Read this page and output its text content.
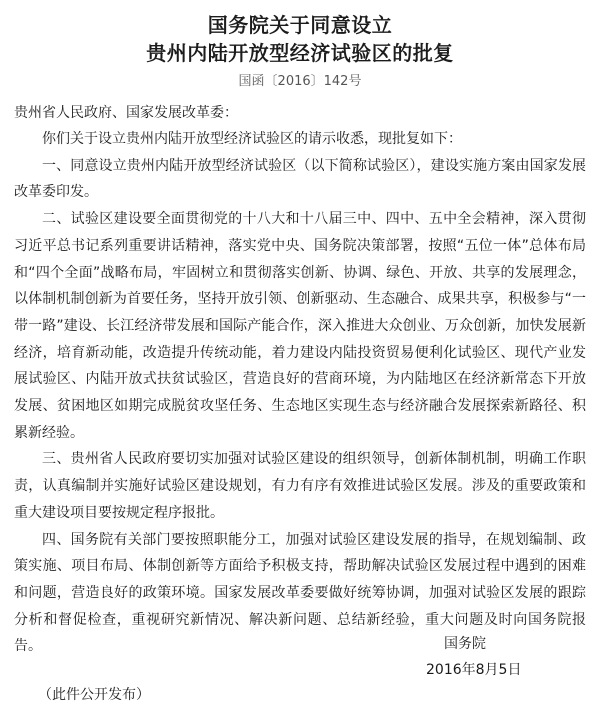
国务院关于同意设立
贵州内陆开放型经济试验区的批复
国函〔2016〕142号
贵州省人民政府、国家发展改革委：

你们关于设立贵州内陆开放型经济试验区的请示收悉，现批复如下：

一、同意设立贵州内陆开放型经济试验区（以下简称试验区），建设实施方案由国家发展改革委印发。

二、试验区建设要全面贯彻党的十八大和十八届三中、四中、五中全会精神，深入贯彻习近平总书记系列重要讲话精神，落实党中央、国务院决策部署，按照“五位一体”总体布局和“四个全面”战略布局，牢固树立和贯彻落实创新、协调、绿色、开放、共享的发展理念，以体制机制创新为首要任务，坚持开放引领、创新驱动、生态融合、成果共享，积极参与“一带一路”建设、长江经济带发展和国际产能合作，深入推进大众创业、万众创新，加快发展新经济，培育新动能，改造提升传统动能，着力建设内陆投资贸易便利化试验区、现代产业发展试验区、内陆开放式扶贫试验区，营造良好的营商环境，为内陆地区在经济新常态下开放发展、贫困地区如期完成脱贫攻坚任务、生态地区实现生态与经济融合发展探索新路径、积累新经验。

三、贵州省人民政府要切实加强对试验区建设的组织领导，创新体制机制，明确工作职责，认真编制并实施好试验区建设规划，有力有序有效推进试验区发展。涉及的重要政策和重大建设项目要按规定程序报批。

四、国务院有关部门要按照职能分工，加强对试验区建设发展的指导，在规划编制、政策实施、项目布局、体制创新等方面给予积极支持，帮助解决试验区发展过程中遇到的困难和问题，营造良好的政策环境。国家发展改革委要做好统筹协调，加强对试验区发展的跟踪分析和督促检查，重视研究新情况、解决新问题、总结新经验，重大问题及时向国务院报告。	国务院
2016年8月5日
（此件公开发布）
